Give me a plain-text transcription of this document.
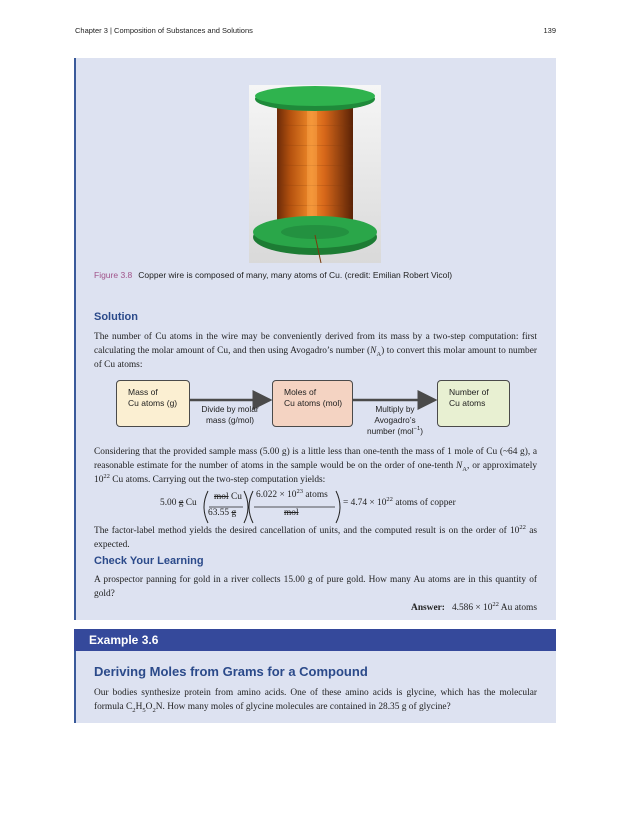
Chapter 3 | Composition of Substances and Solutions	139
Figure 3.8 Copper wire is composed of many, many atoms of Cu. (credit: Emilian Robert Vicol)
Solution
The number of Cu atoms in the wire may be conveniently derived from its mass by a two-step computation: first calculating the molar amount of Cu, and then using Avogadro’s number $(N_A)$ to convert this molar amount to number of Cu atoms:
Mass of
Cu atoms (g)
Divide by molar
mass (g/mol)
Moles of
Cu atoms (mol)
Multiply by
Avogadro’s
number (mol$^{-1}$)
Number of
Cu atoms
Considering that the provided sample mass (5.00 g) is a little less than one-tenth the mass of 1 mole of Cu (~64 g), a reasonable estimate for the number of atoms in the sample would be on the order of one-tenth $N_A$, or approximately $10^{22}$ Cu atoms. Carrying out the two-step computation yields:
5.00 g Cu
mol Cu
63.55 g
$6.022 \times 10^{23}$ atoms
mol
= $4.74 \times 10^{22}$ atoms of copper
The factor-label method yields the desired cancellation of units, and the computed result is on the order of $10^{22}$ as expected.
Check Your Learning
A prospector panning for gold in a river collects 15.00 g of pure gold. How many Au atoms are in this quantity of gold?
Answer: $4.586 \times 10^{22}$ Au atoms
Example 3.6
Deriving Moles from Grams for a Compound
Our bodies synthesize protein from amino acids. One of these amino acids is glycine, which has the molecular formula $C_2H_5O_2N$. How many moles of glycine molecules are contained in 28.35 g of glycine?
